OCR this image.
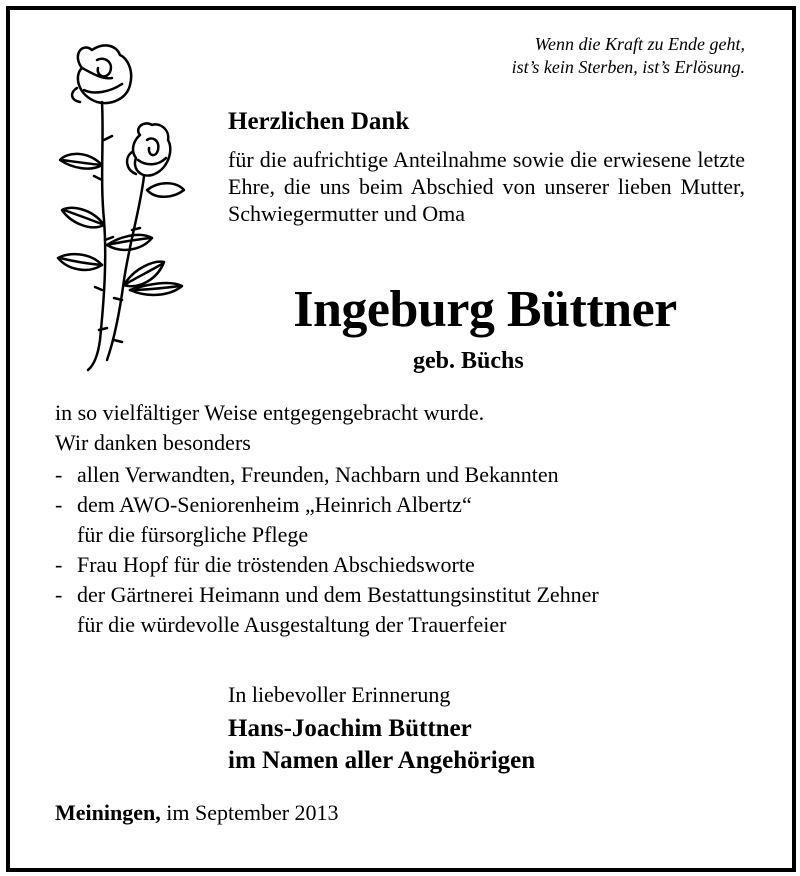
Wenn die Kraft zu Ende geht,
ist’s kein Sterben, ist’s Erlösung.
Herzlichen Dank
für die aufrichtige Anteilnahme sowie die erwiesene letzte Ehre, die uns beim Abschied von unserer lieben Mutter, Schwiegermutter und Oma
Ingeburg Büttner
geb. Büchs

in so vielfältiger Weise entgegengebracht wurde.

Wir danken besonders

- allen Verwandten, Freunden, Nachbarn und Bekannten
- dem AWO-Seniorenheim „Heinrich Albertz“
für die fürsorgliche Pflege
- Frau Hopf für die tröstenden Abschiedsworte
- der Gärtnerei Heimann und dem Bestattungsinstitut Zehner
für die würdevolle Ausgestaltung der Trauerfeier
In liebevoller Erinnerung
Hans-Joachim Büttner
im Namen aller Angehörigen
Meiningen, im September 2013
